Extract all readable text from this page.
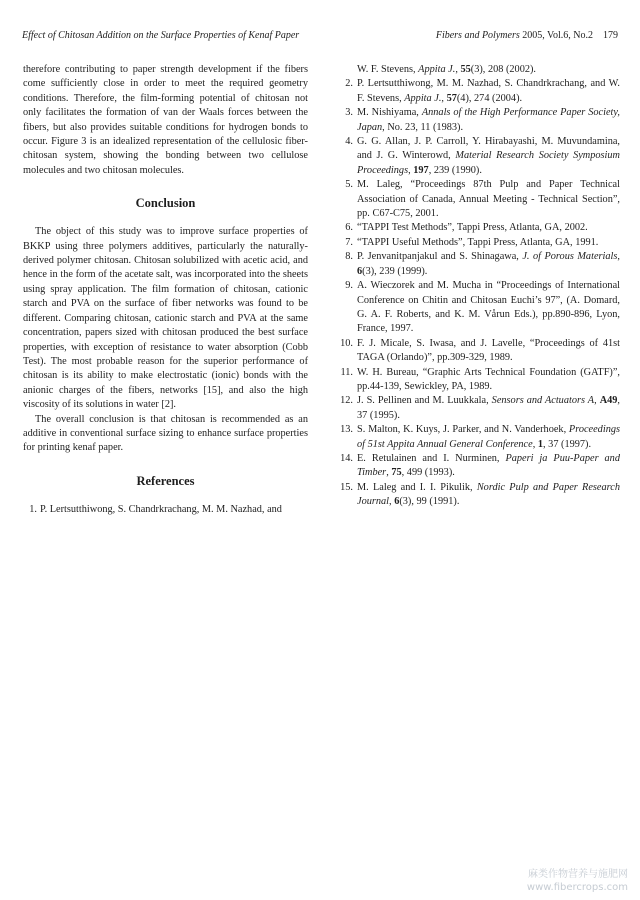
Effect of Chitosan Addition on the Surface Properties of Kenaf Paper	Fibers and Polymers 2005, Vol.6, No.2 179

therefore contributing to paper strength development if the fibers come sufficiently close in order to meet the required geometry conditions. Therefore, the film-forming potential of chitosan not only facilitates the formation of van der Waals forces between the fibers, but also provides suitable conditions for hydrogen bonds to occur. Figure 3 is an idealized representation of the cellulosic fiber-chitosan system, showing the bonding between two cellulose molecules and two chitosan molecules.

Conclusion

The object of this study was to improve surface properties of BKKP using three polymers additives, particularly the naturally-derived polymer chitosan. Chitosan solubilized with acetic acid, and hence in the form of the acetate salt, was incorporated into the sheets using spray application. The film formation of chitosan, cationic starch and PVA on the surface of fiber networks was found to be different. Comparing chitosan, cationic starch and PVA at the same concentration, papers sized with chitosan produced the best surface properties, with exception of resistance to water absorption (Cobb Test). The most probable reason for the superior performance of chitosan is its ability to make electrostatic (ionic) bonds with the anionic charges of the fibers, networks [15], and also the high viscosity of its solutions in water [2].

The overall conclusion is that chitosan is recommended as an additive in conventional surface sizing to enhance surface properties for printing kenaf paper.

References
1. P. Lertsutthiwong, S. Chandrkrachang, M. M. Nazhad, and
W. F. Stevens, Appita J., 55(3), 208 (2002).
2. P. Lertsutthiwong, M. M. Nazhad, S. Chandrkrachang, and W. F. Stevens, Appita J., 57(4), 274 (2004).
3. M. Nishiyama, Annals of the High Performance Paper Society, Japan, No. 23, 11 (1983).
4. G. G. Allan, J. P. Carroll, Y. Hirabayashi, M. Muvundamina, and J. G. Winterowd, Material Research Society Symposium Proceedings, 197, 239 (1990).
5. M. Laleg, “Proceedings 87th Pulp and Paper Technical Association of Canada, Annual Meeting - Technical Section”, pp. C67-C75, 2001.
6. “TAPPI Test Methods”, Tappi Press, Atlanta, GA, 2002.
7. “TAPPI Useful Methods”, Tappi Press, Atlanta, GA, 1991.
8. P. Jenvanitpanjakul and S. Shinagawa, J. of Porous Materials, 6(3), 239 (1999).
9. A. Wieczorek and M. Mucha in “Proceedings of International Conference on Chitin and Chitosan Euchi’s 97”, (A. Domard, G. A. F. Roberts, and K. M. Vårun Eds.), pp.890-896, Lyon, France, 1997.
10. F. J. Micale, S. Iwasa, and J. Lavelle, “Proceedings of 41st TAGA (Orlando)”, pp.309-329, 1989.
11. W. H. Bureau, “Graphic Arts Technical Foundation (GATF)”, pp.44-139, Sewickley, PA, 1989.
12. J. S. Pellinen and M. Luukkala, Sensors and Actuators A, A49, 37 (1995).
13. S. Malton, K. Kuys, J. Parker, and N. Vanderhoek, Proceedings of 51st Appita Annual General Conference, 1, 37 (1997).
14. E. Retulainen and I. Nurminen, Paperi ja Puu-Paper and Timber, 75, 499 (1993).
15. M. Laleg and I. I. Pikulik, Nordic Pulp and Paper Research Journal, 6(3), 99 (1991).
麻类作物营养与施肥网
www.fibercrops.com
